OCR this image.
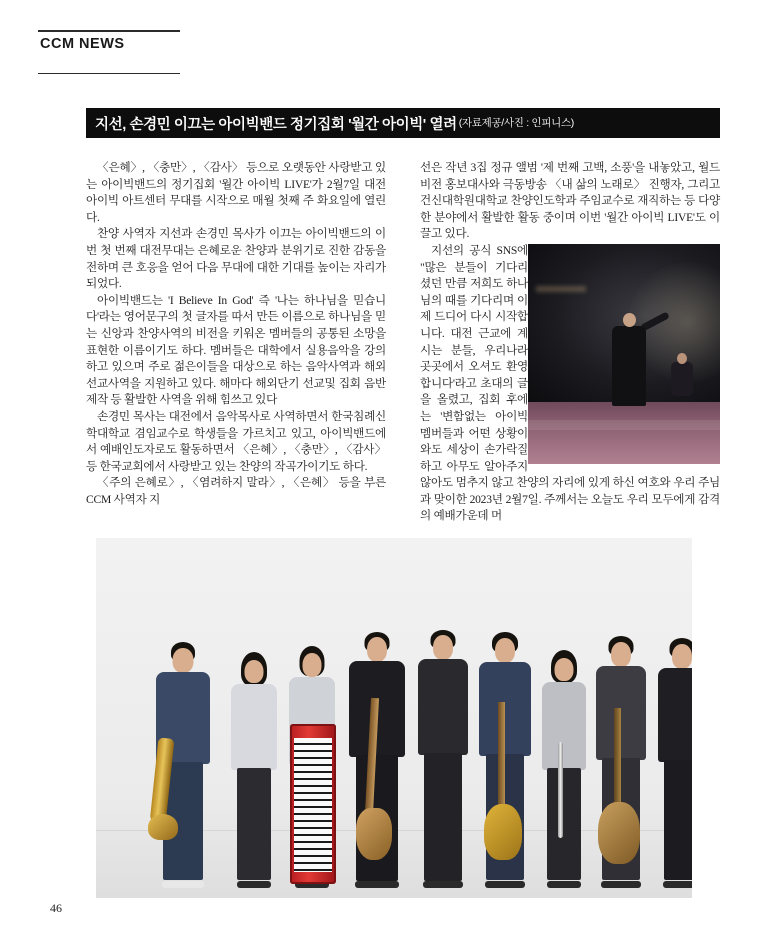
CCM NEWS
지선, 손경민 이끄는 아이빅밴드 정기집회 '월간 아이빅' 열려 (자료제공/사진 : 인피니스)

〈은혜〉, 〈충만〉, 〈감사〉 등으로 오랫동안 사랑받고 있는 아이빅밴드의 정기집회 '월간 아이빅 LIVE'가 2월7일 대전 아이빅 아트센터 무대를 시작으로 매월 첫째 주 화요일에 열린다.

찬양 사역자 지선과 손경민 목사가 이끄는 아이빅밴드의 이번 첫 번째 대전무대는 은혜로운 찬양과 분위기로 진한 감동을 전하며 큰 호응을 얻어 다음 무대에 대한 기대를 높이는 자리가 되었다.

아이빅밴드는 'I Believe In God' 즉 '나는 하나님을 믿습니다'라는 영어문구의 첫 글자를 따서 만든 이름으로 하나님을 믿는 신앙과 찬양사역의 비전을 키워온 멤버들의 공통된 소망을 표현한 이름이기도 하다. 멤버들은 대학에서 실용음악을 강의하고 있으며 주로 젊은이들을 대상으로 하는 음악사역과 해외선교사역을 지원하고 있다. 해마다 해외단기 선교및 집회 음반제작 등 활발한 사역을 위해 힘쓰고 있다

손경민 목사는 대전에서 음악목사로 사역하면서 한국침례신학대학교 겸임교수로 학생들을 가르치고 있고, 아이빅밴드에서 예배인도자로도 활동하면서 〈은혜〉, 〈충만〉, 〈감사〉등 한국교회에서 사랑받고 있는 찬양의 작곡가이기도 하다.

〈주의 은혜로〉, 〈염려하지 말라〉, 〈은혜〉 등을 부른 CCM 사역자 지

선은 작년 3집 정규 앨범 '제 번째 고백, 소풍'을 내놓았고, 월드비전 홍보대사와 극동방송 〈내 삶의 노래로〉 진행자, 그리고 건신대학원대학교 찬양인도학과 주임교수로 재직하는 등 다양한 분야에서 활발한 활동 중이며 이번 '월간 아이빅 LIVE'도 이끌고 있다.

지선의 공식 SNS에 "많은 분들이 기다리셨던 만큼 저희도 하나님의 때를 기다리며 이제 드디어 다시 시작합니다. 대전 근교에 계시는 분들, 우리나라 곳곳에서 오셔도 환영합니다'라고 초대의 글을 올렸고, 집회 후에는 '변함없는 아이빅 멤버들과 어떤 상황이 와도 세상이 손가락질하고 아무도 알아주지 않아도 멈추지 않고 찬양의 자리에 있게 하신 여호와 우리 주님과 맞이한 2023년 2월7일. 주께서는 오늘도 우리 모두에게 감격의 예배가운데 머

46
